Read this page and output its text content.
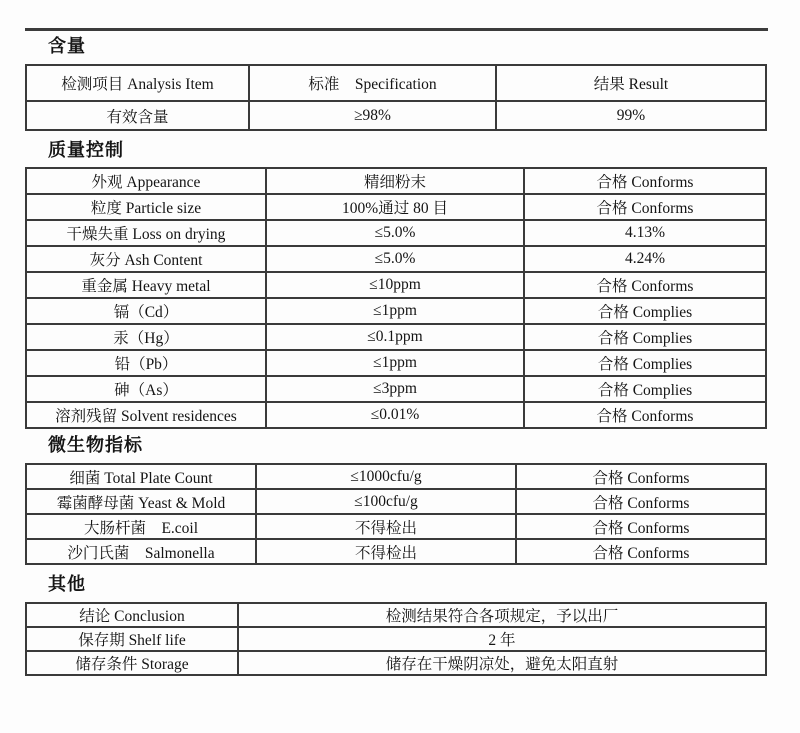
含量
检测项目 Analysis Item	标准　Specification	结果 Result
有效含量	≥98%	99%
质量控制
外观 Appearance	精细粉末	合格 Conforms
粒度 Particle size	100%通过 80 目	合格 Conforms
干燥失重 Loss on drying	≤5.0%	4.13%
灰分 Ash Content	≤5.0%	4.24%
重金属 Heavy metal	≤10ppm	合格 Conforms
镉（Cd）	≤1ppm	合格 Complies
汞（Hg）	≤0.1ppm	合格 Complies
铅（Pb）	≤1ppm	合格 Complies
砷（As）	≤3ppm	合格 Complies
溶剂残留 Solvent residences	≤0.01%	合格 Conforms
微生物指标
细菌 Total Plate Count	≤1000cfu/g	合格 Conforms
霉菌酵母菌 Yeast & Mold	≤100cfu/g	合格 Conforms
大肠杆菌　E.coil	不得检出	合格 Conforms
沙门氏菌　Salmonella	不得检出	合格 Conforms
其他
结论 Conclusion	检测结果符合各项规定，予以出厂
保存期 Shelf life	2 年
储存条件 Storage	储存在干燥阴凉处，避免太阳直射
